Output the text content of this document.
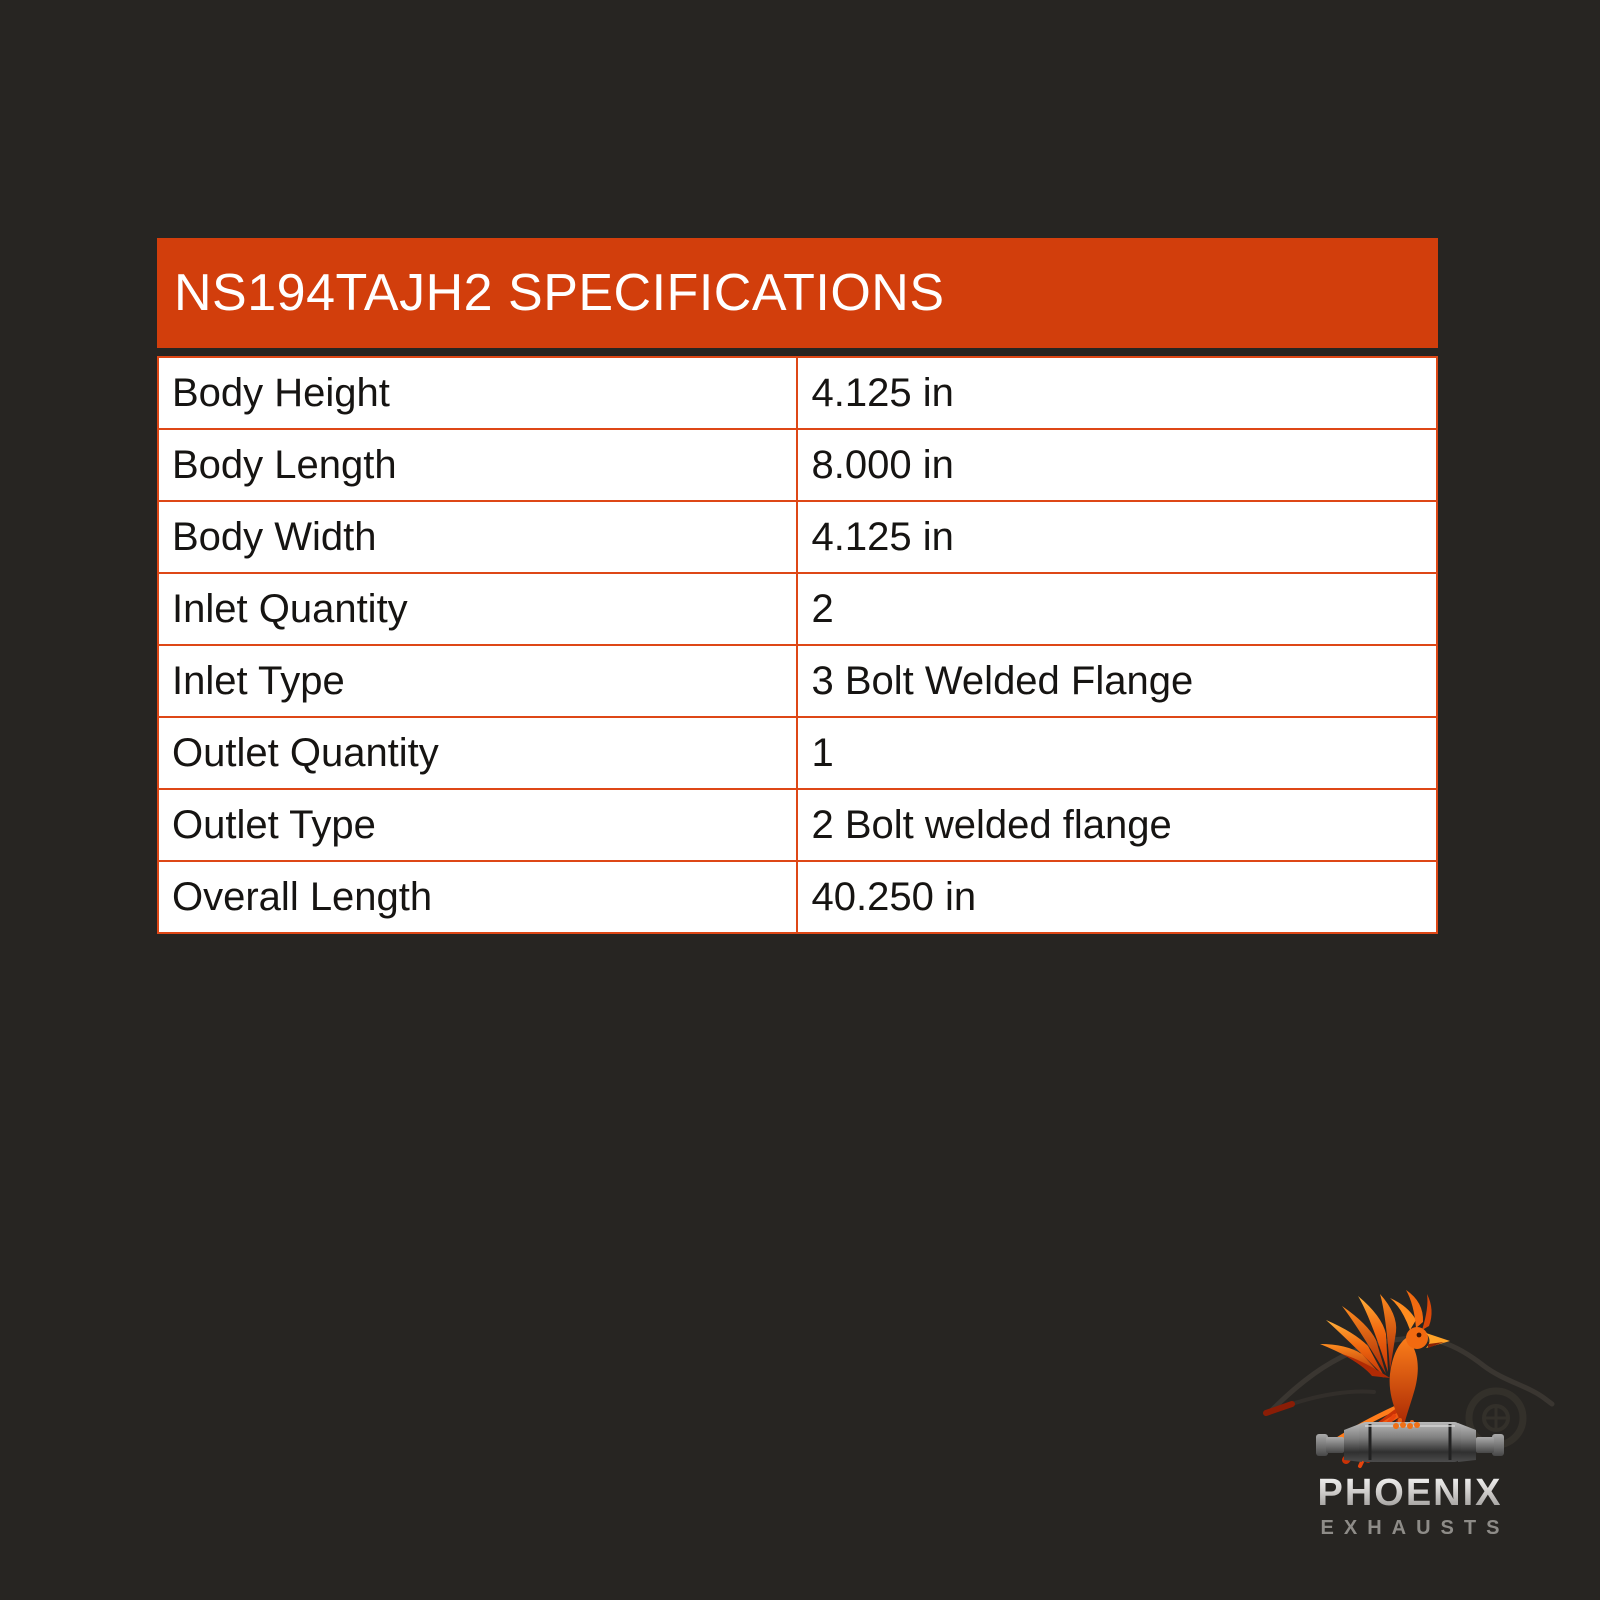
NS194TAJH2 SPECIFICATIONS
Body Height	4.125 in
Body Length	8.000 in
Body Width	4.125 in
Inlet Quantity	2
Inlet Type	3 Bolt Welded Flange
Outlet Quantity	1
Outlet Type	2 Bolt welded flange
Overall Length	40.250 in
PHOENIX
EXHAUSTS
